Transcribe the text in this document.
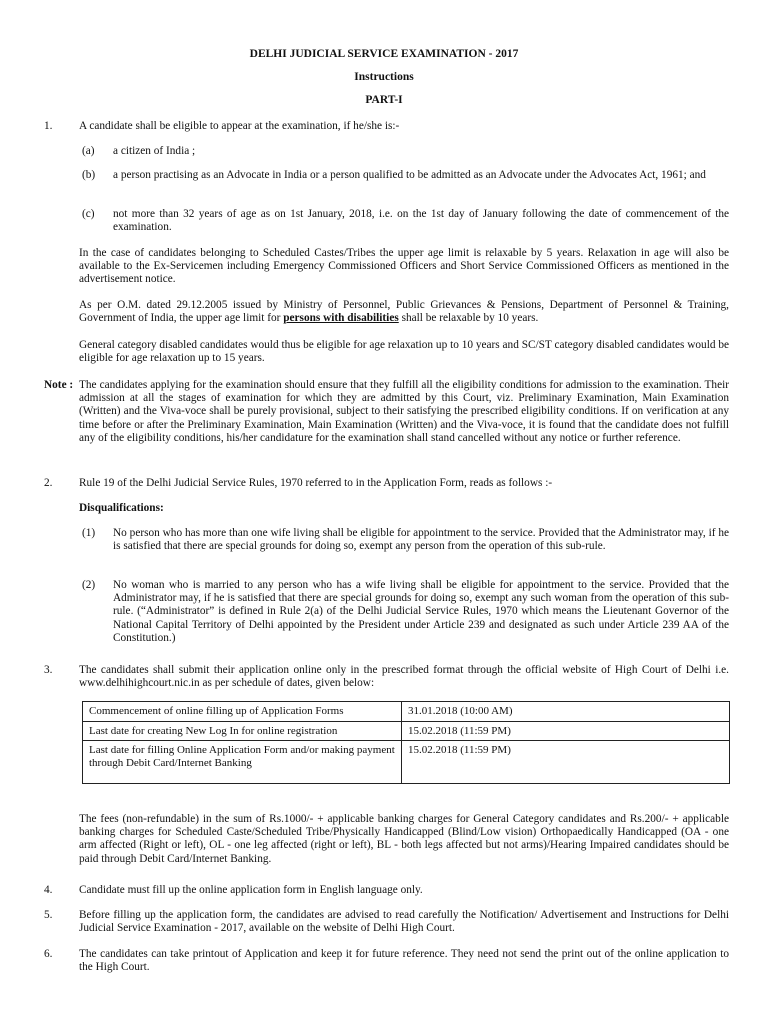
DELHI JUDICIAL SERVICE EXAMINATION - 2017
Instructions
PART-I
1. A candidate shall be eligible to appear at the examination, if he/she is:-
(a) a citizen of India ;
(b) a person practising as an Advocate in India or a person qualified to be admitted as an Advocate under the Advocates Act, 1961; and
(c) not more than 32 years of age as on 1st January, 2018, i.e. on the 1st day of January following the date of commencement of the examination.
In the case of candidates belonging to Scheduled Castes/Tribes the upper age limit is relaxable by 5 years. Relaxation in age will also be available to the Ex-Servicemen including Emergency Commissioned Officers and Short Service Commissioned Officers as mentioned in the advertisement notice.
As per O.M. dated 29.12.2005 issued by Ministry of Personnel, Public Grievances & Pensions, Department of Personnel & Training, Government of India, the upper age limit for persons with disabilities shall be relaxable by 10 years.
General category disabled candidates would thus be eligible for age relaxation up to 10 years and SC/ST category disabled candidates would be eligible for age relaxation up to 15 years.
Note : The candidates applying for the examination should ensure that they fulfill all the eligibility conditions for admission to the examination. Their admission at all the stages of examination for which they are admitted by this Court, viz. Preliminary Examination, Main Examination (Written) and the Viva-voce shall be purely provisional, subject to their satisfying the prescribed eligibility conditions. If on verification at any time before or after the Preliminary Examination, Main Examination (Written) and the Viva-voce, it is found that the candidate does not fulfill any of the eligibility conditions, his/her candidature for the examination shall stand cancelled without any notice or further reference.
2. Rule 19 of the Delhi Judicial Service Rules, 1970 referred to in the Application Form, reads as follows :-
Disqualifications:
(1) No person who has more than one wife living shall be eligible for appointment to the service. Provided that the Administrator may, if he is satisfied that there are special grounds for doing so, exempt any person from the operation of this sub-rule.
(2) No woman who is married to any person who has a wife living shall be eligible for appointment to the service. Provided that the Administrator may, if he is satisfied that there are special grounds for doing so, exempt any such woman from the operation of this sub-rule. (“Administrator” is defined in Rule 2(a) of the Delhi Judicial Service Rules, 1970 which means the Lieutenant Governor of the National Capital Territory of Delhi appointed by the President under Article 239 and designated as such under Article 239 AA of the Constitution.)
3. The candidates shall submit their application online only in the prescribed format through the official website of High Court of Delhi i.e. www.delhihighcourt.nic.in as per schedule of dates, given below:
Commencement of online filling up of Application Forms	31.01.2018 (10:00 AM)
Last date for creating New Log In for online registration	15.02.2018 (11:59 PM)
Last date for filling Online Application Form and/or making payment through Debit Card/Internet Banking	15.02.2018 (11:59 PM)
The fees (non-refundable) in the sum of Rs.1000/- + applicable banking charges for General Category candidates and Rs.200/- + applicable banking charges for Scheduled Caste/Scheduled Tribe/Physically Handicapped (Blind/Low vision) Orthopaedically Handicapped (OA - one arm affected (Right or left), OL - one leg affected (right or left), BL - both legs affected but not arms)/Hearing Impaired candidates should be paid through Debit Card/Internet Banking.
4. Candidate must fill up the online application form in English language only.
5. Before filling up the application form, the candidates are advised to read carefully the Notification/ Advertisement and Instructions for Delhi Judicial Service Examination - 2017, available on the website of Delhi High Court.
6. The candidates can take printout of Application and keep it for future reference. They need not send the print out of the online application to the High Court.
